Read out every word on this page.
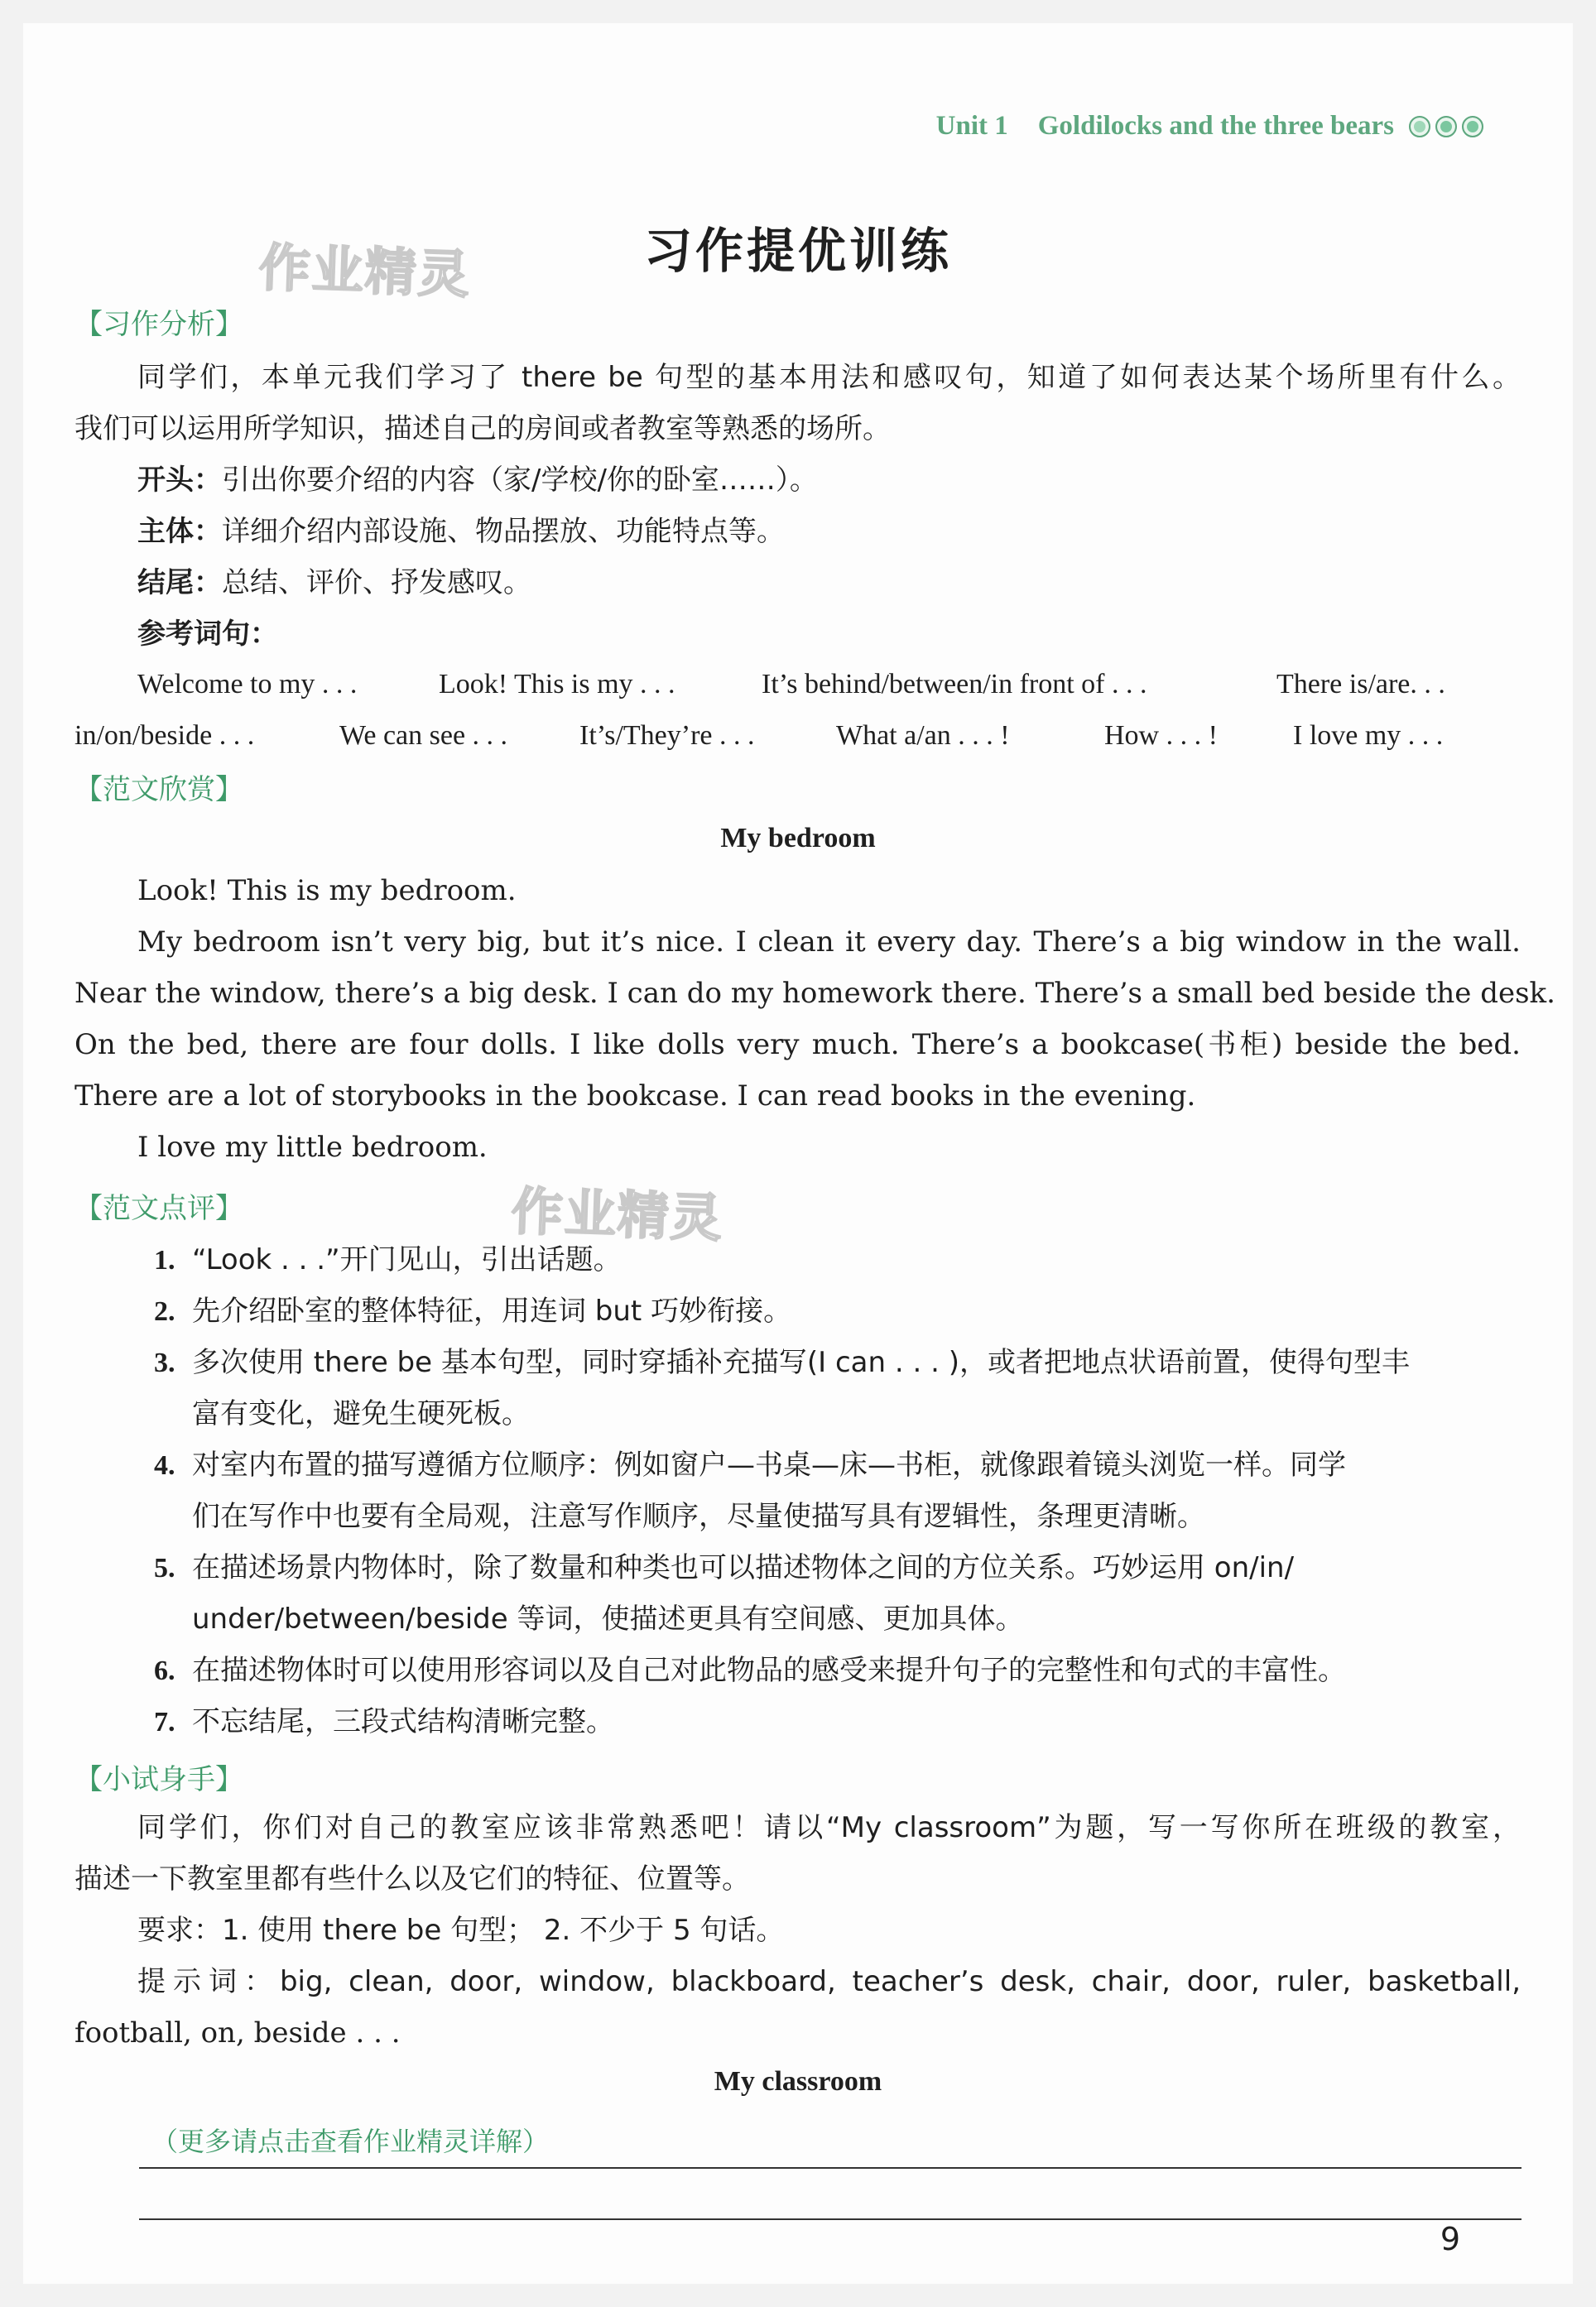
Unit 1 Goldilocks and the three bears
习作提优训练
作业精灵
作业精灵
【习作分析】
同学们，本单元我们学习了 there be 句型的基本用法和感叹句，知道了如何表达某个场所里有什么。
我们可以运用所学知识，描述自己的房间或者教室等熟悉的场所。
开头：引出你要介绍的内容（家/学校/你的卧室……）。
主体：详细介绍内部设施、物品摆放、功能特点等。
结尾：总结、评价、抒发感叹。
参考词句：
Welcome to my . . .	Look! This is my . . .	It’s behind/between/in front of . . .	There is/are. . .
in/on/beside . . .	We can see . . .	It’s/They’re . . .	What a/an . . . !	How . . . !	I love my . . .
【范文欣赏】
My bedroom
Look! This is my bedroom.
My bedroom isn’t very big, but it’s nice. I clean it every day. There’s a big window in the wall.
Near the window, there’s a big desk. I can do my homework there. There’s a small bed beside the desk.
On the bed, there are four dolls. I like dolls very much. There’s a bookcase(书柜) beside the bed.
There are a lot of storybooks in the bookcase. I can read books in the evening.
I love my little bedroom.
【范文点评】
1. “Look . . .”开门见山，引出话题。
2. 先介绍卧室的整体特征，用连词 but 巧妙衔接。
3. 多次使用 there be 基本句型，同时穿插补充描写(I can . . . )，或者把地点状语前置，使得句型丰
富有变化，避免生硬死板。
4. 对室内布置的描写遵循方位顺序：例如窗户—书桌—床—书柜，就像跟着镜头浏览一样。同学
们在写作中也要有全局观，注意写作顺序，尽量使描写具有逻辑性，条理更清晰。
5. 在描述场景内物体时，除了数量和种类也可以描述物体之间的方位关系。巧妙运用 on/in/
under/between/beside 等词，使描述更具有空间感、更加具体。
6. 在描述物体时可以使用形容词以及自己对此物品的感受来提升句子的完整性和句式的丰富性。
7. 不忘结尾，三段式结构清晰完整。
【小试身手】
同学们，你们对自己的教室应该非常熟悉吧！请以“My classroom”为题，写一写你所在班级的教室，
描述一下教室里都有些什么以及它们的特征、位置等。
要求：1. 使用 there be 句型； 2. 不少于 5 句话。
提示词：big, clean, door, window, blackboard, teacher’s desk, chair, door, ruler, basketball,
football, on, beside . . .
My classroom
（更多请点击查看作业精灵详解）
9
